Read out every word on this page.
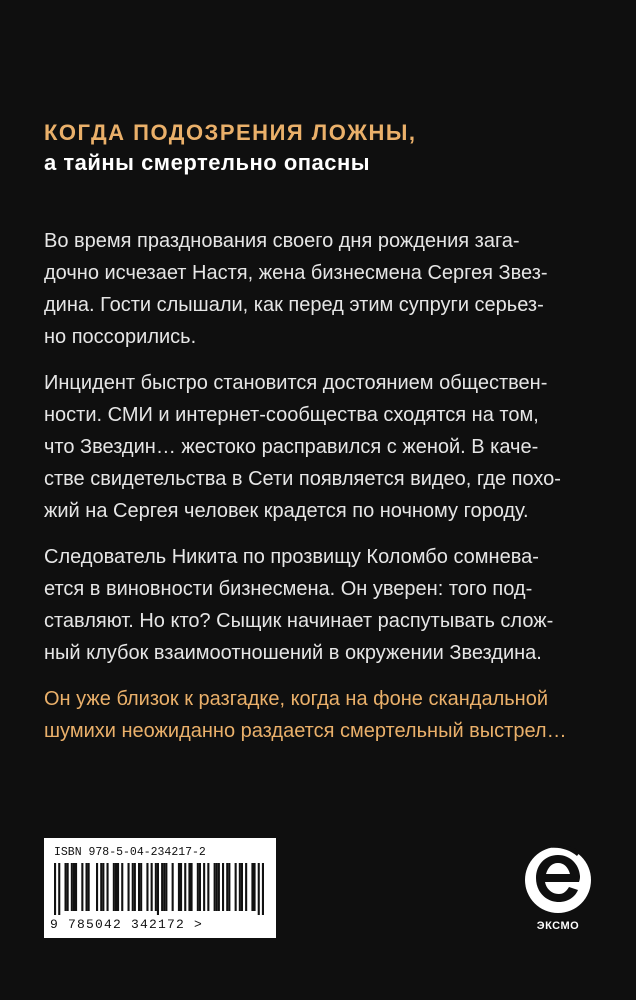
КОГДА ПОДОЗРЕНИЯ ЛОЖНЫ,
а тайны смертельно опасны

Во время празднования своего дня рождения зага-
дочно исчезает Настя, жена бизнесмена Сергея Звез-
дина. Гости слышали, как перед этим супруги серьез-
но поссорились.

Инцидент быстро становится достоянием обществен-
ности. СМИ и интернет-сообщества сходятся на том,
что Звездин… жестоко расправился с женой. В каче-
стве свидетельства в Сети появляется видео, где похо-
жий на Сергея человек крадется по ночному городу.

Следователь Никита по прозвищу Коломбо сомнева-
ется в виновности бизнесмена. Он уверен: того под-
ставляют. Но кто? Сыщик начинает распутывать слож-
ный клубок взаимоотношений в окружении Звездина.

Он уже близок к разгадке, когда на фоне скандальной
шумихи неожиданно раздается смертельный выстрел…

ISBN 978-5-04-234217-2
9 785042 342172 >	ЭКСМО
